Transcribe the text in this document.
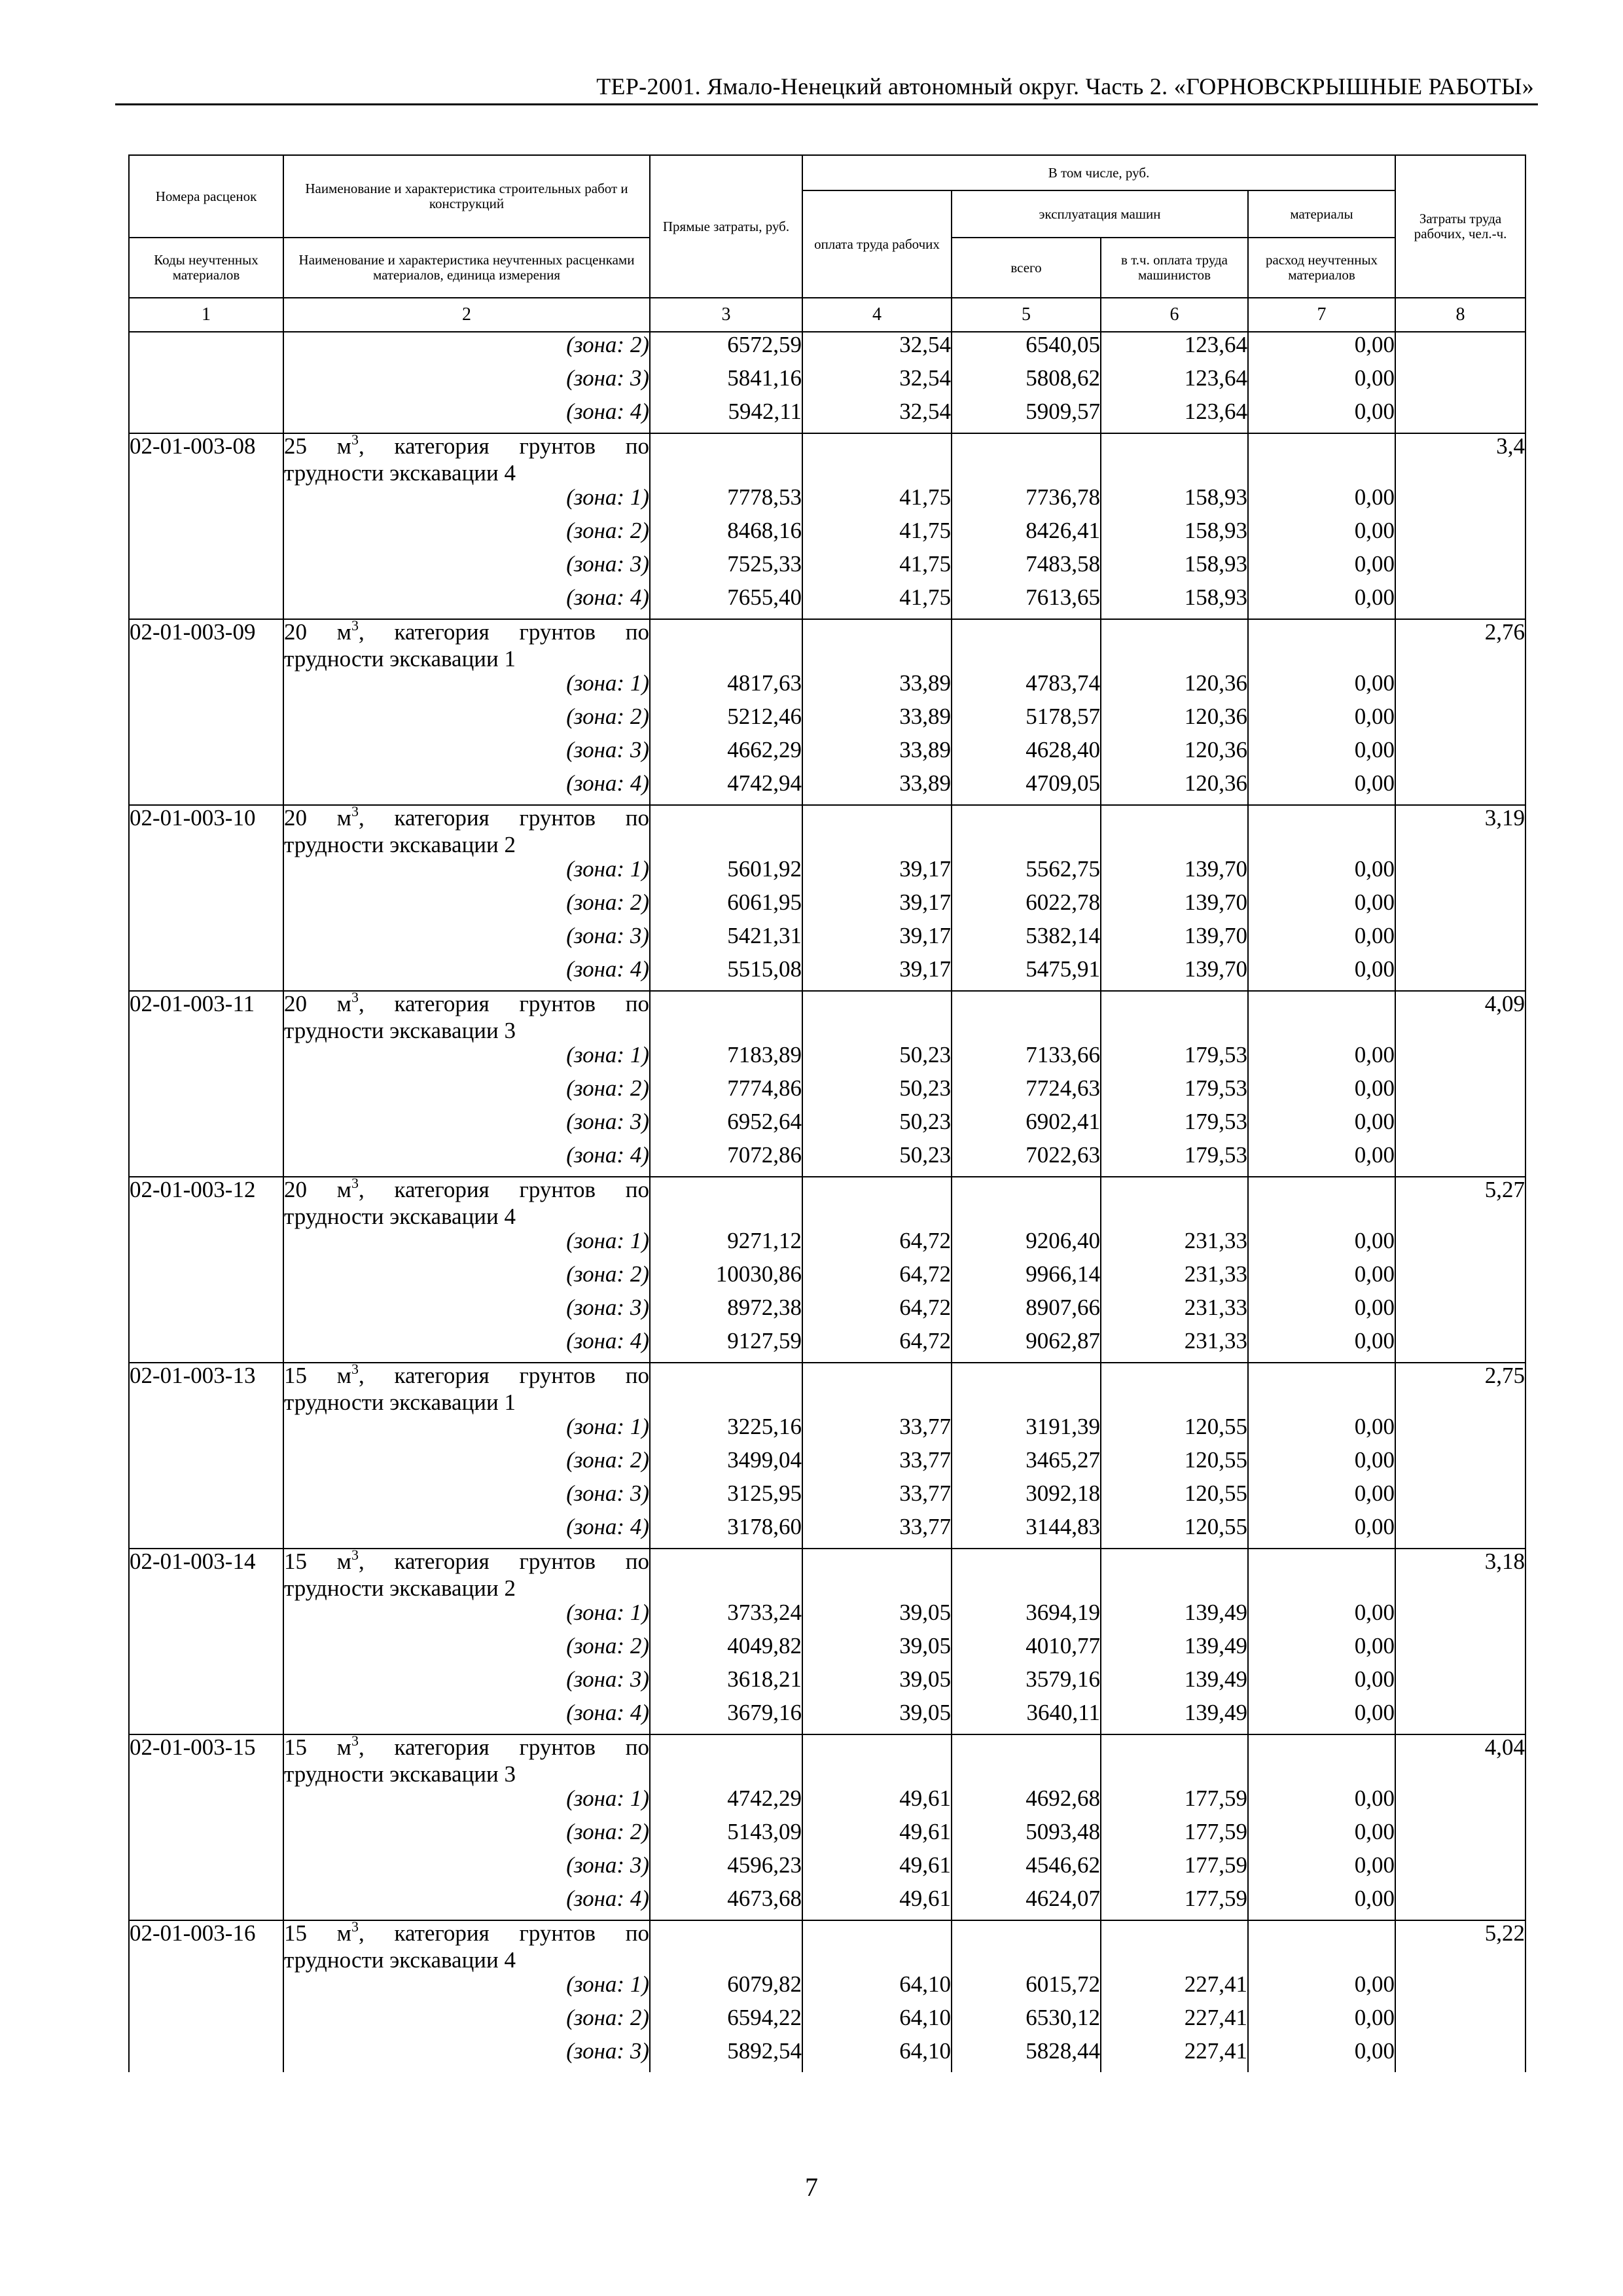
ТЕР-2001. Ямало-Ненецкий автономный округ. Часть 2. «ГОРНОВСКРЫШНЫЕ РАБОТЫ»
Номера расценок	Наименование и характеристика строительных работ и конструкций	Прямые затраты, руб.	В том числе, руб.				Затраты труда рабочих, чел.-ч.	
			оплата труда рабочих	эксплуатация машин		материалы		
Коды неучтенных материалов	Наименование и характеристика неучтенных расценками материалов, единица измерения			всего	в т.ч. оплата труда машинистов	расход неучтенных материалов		
1	2	3	4	5	6	7	8	
	(зона: 2)	6572,59	32,54	6540,05	123,64	0,00		
	(зона: 3)	5841,16	32,54	5808,62	123,64	0,00		
	(зона: 4)	5942,11	32,54	5909,57	123,64	0,00		
02-01-003-08	25 $м^3$, категория грунтов по трудности экскавации 4						3,4	
	(зона: 1)	7778,53	41,75	7736,78	158,93	0,00		
	(зона: 2)	8468,16	41,75	8426,41	158,93	0,00		
	(зона: 3)	7525,33	41,75	7483,58	158,93	0,00		
	(зона: 4)	7655,40	41,75	7613,65	158,93	0,00		
02-01-003-09	20 $м^3$, категория грунтов по трудности экскавации 1						2,76	
	(зона: 1)	4817,63	33,89	4783,74	120,36	0,00		
	(зона: 2)	5212,46	33,89	5178,57	120,36	0,00		
	(зона: 3)	4662,29	33,89	4628,40	120,36	0,00		
	(зона: 4)	4742,94	33,89	4709,05	120,36	0,00		
02-01-003-10	20 $м^3$, категория грунтов по трудности экскавации 2						3,19	
	(зона: 1)	5601,92	39,17	5562,75	139,70	0,00		
	(зона: 2)	6061,95	39,17	6022,78	139,70	0,00		
	(зона: 3)	5421,31	39,17	5382,14	139,70	0,00		
	(зона: 4)	5515,08	39,17	5475,91	139,70	0,00		
02-01-003-11	20 $м^3$, категория грунтов по трудности экскавации 3						4,09	
	(зона: 1)	7183,89	50,23	7133,66	179,53	0,00		
	(зона: 2)	7774,86	50,23	7724,63	179,53	0,00		
	(зона: 3)	6952,64	50,23	6902,41	179,53	0,00		
	(зона: 4)	7072,86	50,23	7022,63	179,53	0,00		
02-01-003-12	20 $м^3$, категория грунтов по трудности экскавации 4						5,27	
	(зона: 1)	9271,12	64,72	9206,40	231,33	0,00		
	(зона: 2)	10030,86	64,72	9966,14	231,33	0,00		
	(зона: 3)	8972,38	64,72	8907,66	231,33	0,00		
	(зона: 4)	9127,59	64,72	9062,87	231,33	0,00		
02-01-003-13	15 $м^3$, категория грунтов по трудности экскавации 1						2,75	
	(зона: 1)	3225,16	33,77	3191,39	120,55	0,00		
	(зона: 2)	3499,04	33,77	3465,27	120,55	0,00		
	(зона: 3)	3125,95	33,77	3092,18	120,55	0,00		
	(зона: 4)	3178,60	33,77	3144,83	120,55	0,00		
02-01-003-14	15 $м^3$, категория грунтов по трудности экскавации 2						3,18	
	(зона: 1)	3733,24	39,05	3694,19	139,49	0,00		
	(зона: 2)	4049,82	39,05	4010,77	139,49	0,00		
	(зона: 3)	3618,21	39,05	3579,16	139,49	0,00		
	(зона: 4)	3679,16	39,05	3640,11	139,49	0,00		
02-01-003-15	15 $м^3$, категория грунтов по трудности экскавации 3						4,04	
	(зона: 1)	4742,29	49,61	4692,68	177,59	0,00		
	(зона: 2)	5143,09	49,61	5093,48	177,59	0,00		
	(зона: 3)	4596,23	49,61	4546,62	177,59	0,00		
	(зона: 4)	4673,68	49,61	4624,07	177,59	0,00		
02-01-003-16	15 $м^3$, категория грунтов по трудности экскавации 4						5,22	
	(зона: 1)	6079,82	64,10	6015,72	227,41	0,00		
	(зона: 2)	6594,22	64,10	6530,12	227,41	0,00		
	(зона: 3)	5892,54	64,10	5828,44	227,41	0,00		
7
